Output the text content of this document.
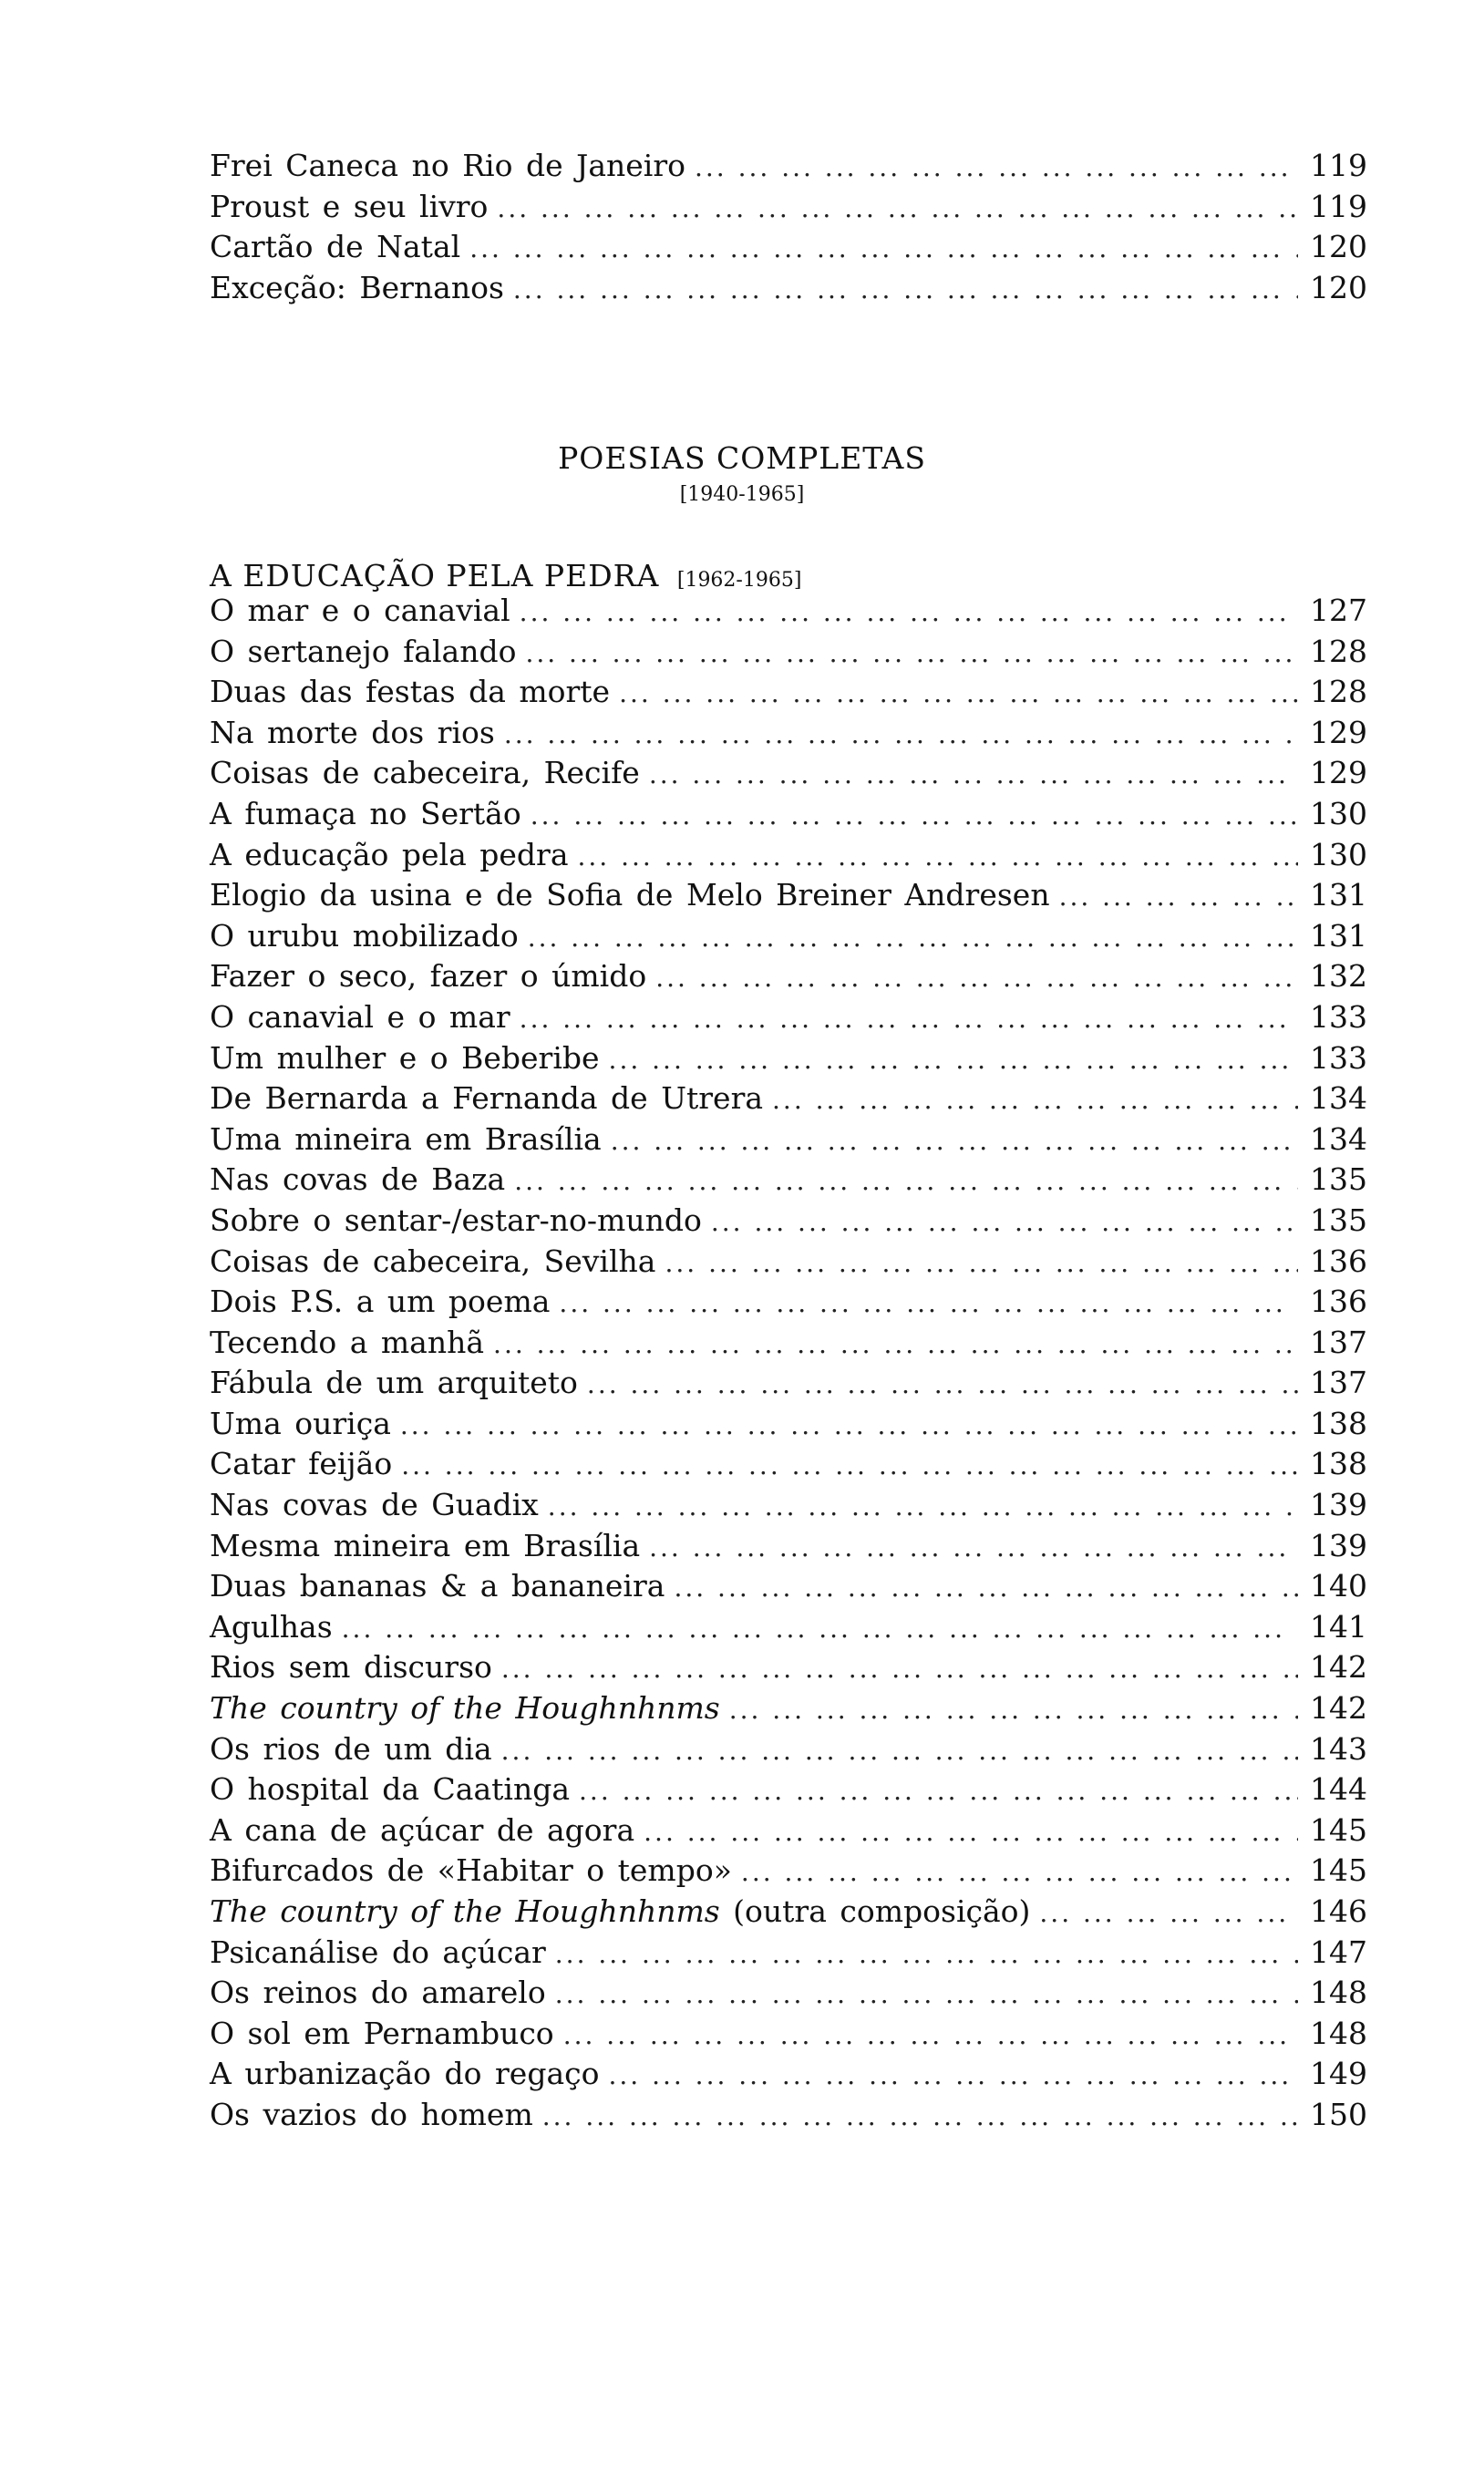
Frei Caneca no Rio de Janeiro ... .	119
Proust e seu livro ... .	119
Cartão de Natal ... .	120
Exceção: Bernanos ... .	120
POESIAS COMPLETAS
[1940-1965]
A EDUCAÇÃO PELA PEDRA [1962-1965]
O mar e o canavial ... .	127
O sertanejo falando ... .	128
Duas das festas da morte ... .	128
Na morte dos rios ... .	129
Coisas de cabeceira, Recife ... .	129
A fumaça no Sertão ... .	130
A educação pela pedra ... .	130
Elogio da usina e de Sofia de Melo Breiner Andresen ... .	131
O urubu mobilizado ... .	131
Fazer o seco, fazer o úmido ... .	132
O canavial e o mar ... .	133
Um mulher e o Beberibe ... .	133
De Bernarda a Fernanda de Utrera ... .	134
Uma mineira em Brasília ... .	134
Nas covas de Baza ... .	135
Sobre o sentar-/estar-no-mundo ... .	135
Coisas de cabeceira, Sevilha ... .	136
Dois P.S. a um poema ... .	136
Tecendo a manhã ... .	137
Fábula de um arquiteto ... .	137
Uma ouriça ... .	138
Catar feijão ... .	138
Nas covas de Guadix ... .	139
Mesma mineira em Brasília ... .	139
Duas bananas & a bananeira ... .	140
Agulhas ... .	141
Rios sem discurso ... .	142
The country of the Houghnhnms ... .	142
Os rios de um dia ... .	143
O hospital da Caatinga ... .	144
A cana de açúcar de agora ... .	145
Bifurcados de «Habitar o tempo» ... .	145
The country of the Houghnhnms (outra composição) ... .	146
Psicanálise do açúcar ... .	147
Os reinos do amarelo ... .	148
O sol em Pernambuco ... .	148
A urbanização do regaço ... .	149
Os vazios do homem ... .	150
